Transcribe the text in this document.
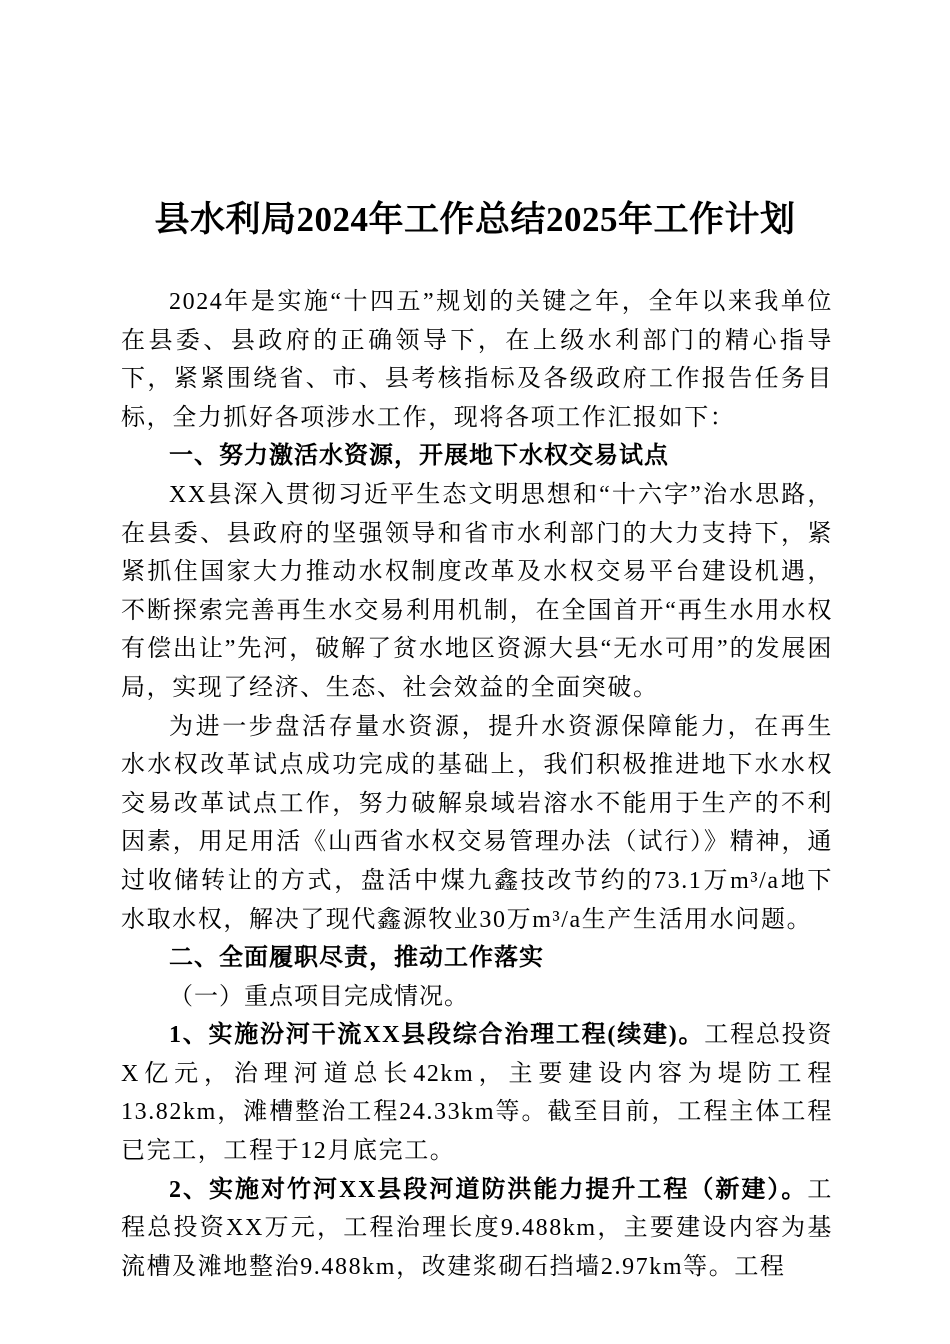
县水利局2024年工作总结2025年工作计划

2024年是实施“十四五”规划的关键之年，全年以来我单位在县委、县政府的正确领导下，在上级水利部门的精心指导下，紧紧围绕省、市、县考核指标及各级政府工作报告任务目标，全力抓好各项涉水工作，现将各项工作汇报如下：

一、努力激活水资源，开展地下水权交易试点

XX县深入贯彻习近平生态文明思想和“十六字”治水思路，在县委、县政府的坚强领导和省市水利部门的大力支持下，紧紧抓住国家大力推动水权制度改革及水权交易平台建设机遇，不断探索完善再生水交易利用机制，在全国首开“再生水用水权有偿出让”先河，破解了贫水地区资源大县“无水可用”的发展困局，实现了经济、生态、社会效益的全面突破。

为进一步盘活存量水资源，提升水资源保障能力，在再生水水权改革试点成功完成的基础上，我们积极推进地下水水权交易改革试点工作，努力破解泉域岩溶水不能用于生产的不利因素，用足用活《山西省水权交易管理办法（试行）》精神，通过收储转让的方式，盘活中煤九鑫技改节约的73.1万m³/a地下水取水权，解决了现代鑫源牧业30万m³/a生产生活用水问题。

二、全面履职尽责，推动工作落实

（一）重点项目完成情况。

1、实施汾河干流XX县段综合治理工程(续建)。工程总投资X亿元，治理河道总长42km，主要建设内容为堤防工程13.82km，滩槽整治工程24.33km等。截至目前，工程主体工程已完工，工程于12月底完工。

2、实施对竹河XX县段河道防洪能力提升工程（新建）。工程总投资XX万元，工程治理长度9.488km，主要建设内容为基流槽及滩地整治9.488km，改建浆砌石挡墙2.97km等。工程
